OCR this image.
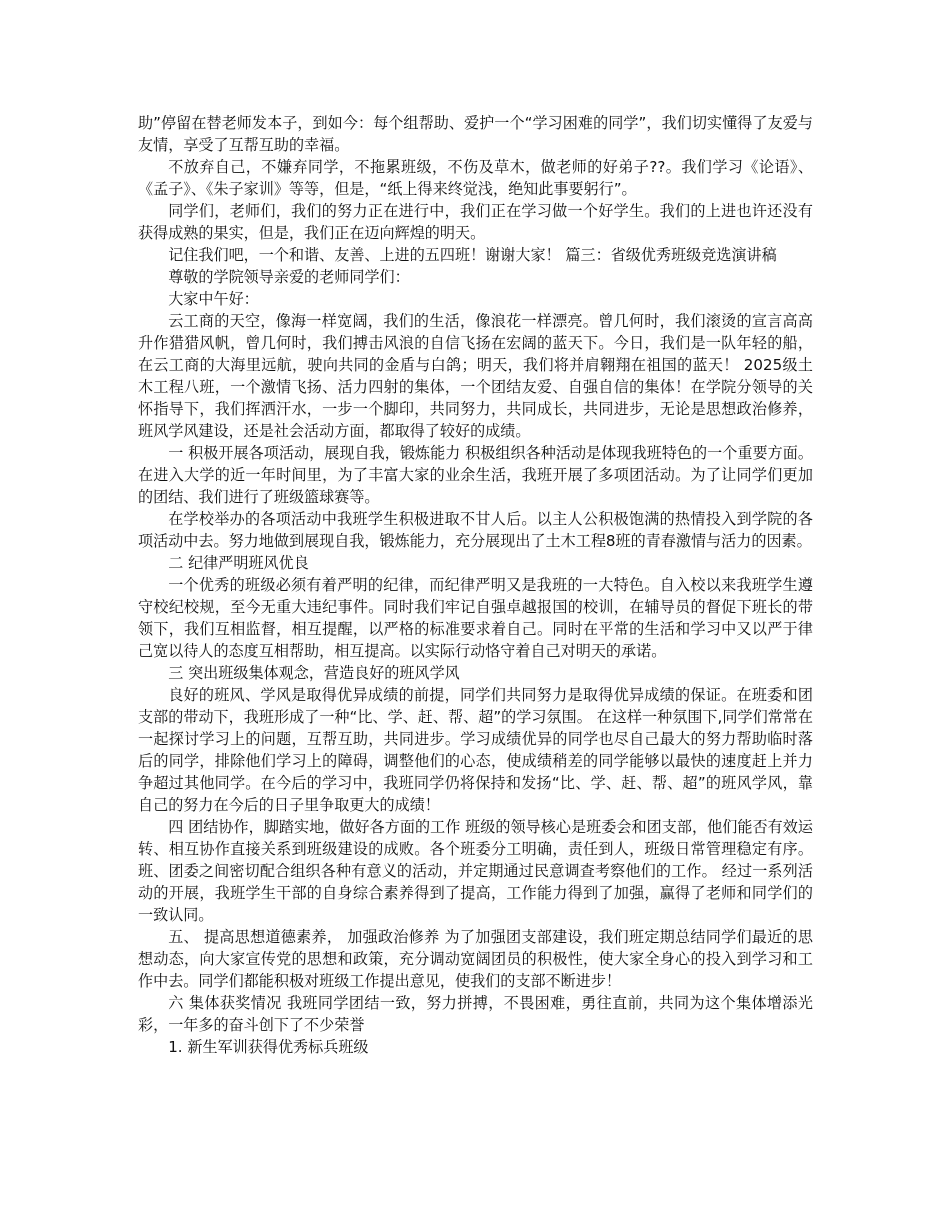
助”停留在替老师发本子，到如今：每个组帮助、爱护一个“学习困难的同学”，我们切实懂得了友爱与友情，享受了互帮互助的幸福。

不放弃自己，不嫌弃同学，不拖累班级，不伤及草木，做老师的好弟子??。我们学习《论语》、《孟子》、《朱子家训》等等，但是，“纸上得来终觉浅，绝知此事要躬行”。

同学们，老师们，我们的努力正在进行中，我们正在学习做一个好学生。我们的上进也许还没有获得成熟的果实，但是，我们正在迈向辉煌的明天。

记住我们吧，一个和谐、友善、上进的五四班！谢谢大家！ 篇三：省级优秀班级竞选演讲稿

尊敬的学院领导亲爱的老师同学们：

大家中午好：

云工商的天空，像海一样宽阔，我们的生活，像浪花一样漂亮。曾几何时，我们滚烫的宣言高高升作猎猎风帆，曾几何时，我们搏击风浪的自信飞扬在宏阔的蓝天下。今日，我们是一队年轻的船，在云工商的大海里远航，驶向共同的金盾与白鸽；明天，我们将并肩翱翔在祖国的蓝天！ 2025级土木工程八班，一个激情飞扬、活力四射的集体，一个团结友爱、自强自信的集体！在学院分领导的关怀指导下，我们挥洒汗水，一步一个脚印，共同努力，共同成长，共同进步，无论是思想政治修养，班风学风建设，还是社会活动方面，都取得了较好的成绩。

一 积极开展各项活动，展现自我，锻炼能力 积极组织各种活动是体现我班特色的一个重要方面。在进入大学的近一年时间里，为了丰富大家的业余生活，我班开展了多项团活动。为了让同学们更加的团结、我们进行了班级篮球赛等。

在学校举办的各项活动中我班学生积极进取不甘人后。以主人公积极饱满的热情投入到学院的各项活动中去。努力地做到展现自我，锻炼能力，充分展现出了土木工程8班的青春激情与活力的因素。

二 纪律严明班风优良

一个优秀的班级必须有着严明的纪律，而纪律严明又是我班的一大特色。自入校以来我班学生遵守校纪校规，至今无重大违纪事件。同时我们牢记自强卓越报国的校训，在辅导员的督促下班长的带领下，我们互相监督，相互提醒，以严格的标准要求着自己。同时在平常的生活和学习中又以严于律己宽以待人的态度互相帮助，相互提高。以实际行动恪守着自己对明天的承诺。

三 突出班级集体观念，营造良好的班风学风

良好的班风、学风是取得优异成绩的前提，同学们共同努力是取得优异成绩的保证。在班委和团支部的带动下，我班形成了一种“比、学、赶、帮、超”的学习氛围。 在这样一种氛围下,同学们常常在一起探讨学习上的问题，互帮互助，共同进步。学习成绩优异的同学也尽自己最大的努力帮助临时落后的同学，排除他们学习上的障碍，调整他们的心态，使成绩稍差的同学能够以最快的速度赶上并力争超过其他同学。在今后的学习中，我班同学仍将保持和发扬“比、学、赶、帮、超”的班风学风，靠自己的努力在今后的日子里争取更大的成绩！

四 团结协作，脚踏实地，做好各方面的工作 班级的领导核心是班委会和团支部，他们能否有效运转、相互协作直接关系到班级建设的成败。各个班委分工明确，责任到人，班级日常管理稳定有序。班、团委之间密切配合组织各种有意义的活动，并定期通过民意调查考察他们的工作。 经过一系列活动的开展，我班学生干部的自身综合素养得到了提高，工作能力得到了加强，赢得了老师和同学们的一致认同。

五、 提高思想道德素养， 加强政治修养 为了加强团支部建设，我们班定期总结同学们最近的思想动态，向大家宣传党的思想和政策，充分调动宽阔团员的积极性，使大家全身心的投入到学习和工作中去。同学们都能积极对班级工作提出意见，使我们的支部不断进步！

六 集体获奖情况 我班同学团结一致，努力拼搏，不畏困难，勇往直前，共同为这个集体增添光彩，一年多的奋斗创下了不少荣誉

1. 新生军训获得优秀标兵班级
